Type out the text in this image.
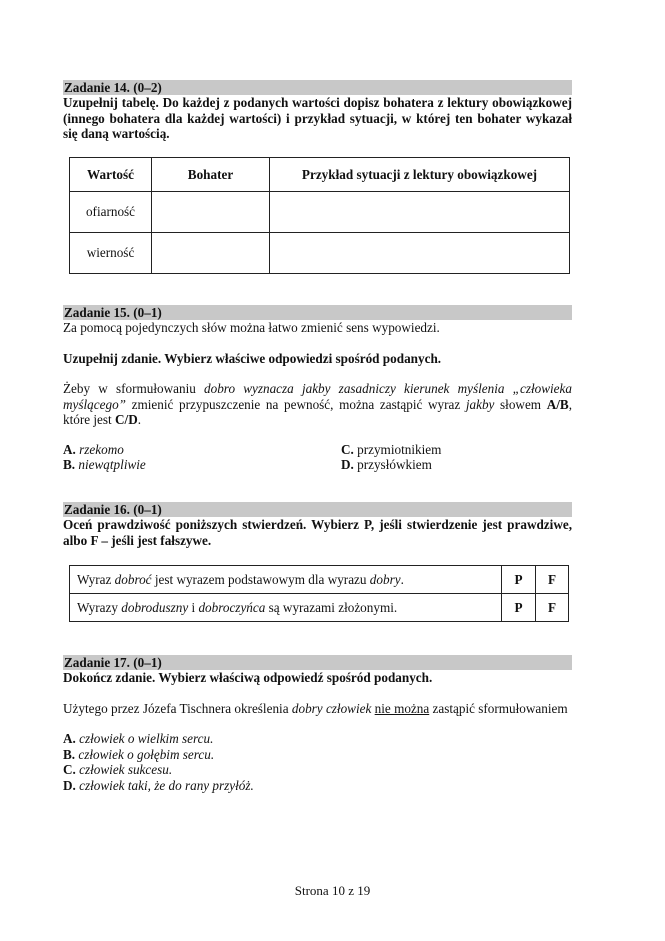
Zadanie 14. (0–2)

Uzupełnij tabelę. Do każdej z podanych wartości dopisz bohatera z lektury obowiązkowej (innego bohatera dla każdej wartości) i przykład sytuacji, w której ten bohater wykazał się daną wartością.

Wartość	Bohater	Przykład sytuacji z lektury obowiązkowej
ofiarność		
wierność		
Zadanie 15. (0–1)

Za pomocą pojedynczych słów można łatwo zmienić sens wypowiedzi.

Uzupełnij zdanie. Wybierz właściwe odpowiedzi spośród podanych.

Żeby w sformułowaniu dobro wyznacza jakby zasadniczy kierunek myślenia „człowieka myślącego” zmienić przypuszczenie na pewność, można zastąpić wyraz jakby słowem A/B, które jest C/D.

A. rzekomo
B. niewątpliwie
C. przymiotnikiem
D. przysłówkiem
Zadanie 16. (0–1)

Oceń prawdziwość poniższych stwierdzeń. Wybierz P, jeśli stwierdzenie jest prawdziwe, albo F – jeśli jest fałszywe.

Wyraz dobroć jest wyrazem podstawowym dla wyrazu dobry.	P	F
Wyrazy dobroduszny i dobroczyńca są wyrazami złożonymi.	P	F
Zadanie 17. (0–1)

Dokończ zdanie. Wybierz właściwą odpowiedź spośród podanych.

Użytego przez Józefa Tischnera określenia dobry człowiek nie można zastąpić sformułowaniem

A. człowiek o wielkim sercu.
B. człowiek o gołębim sercu.
C. człowiek sukcesu.
D. człowiek taki, że do rany przyłóż.
Strona 10 z 19
